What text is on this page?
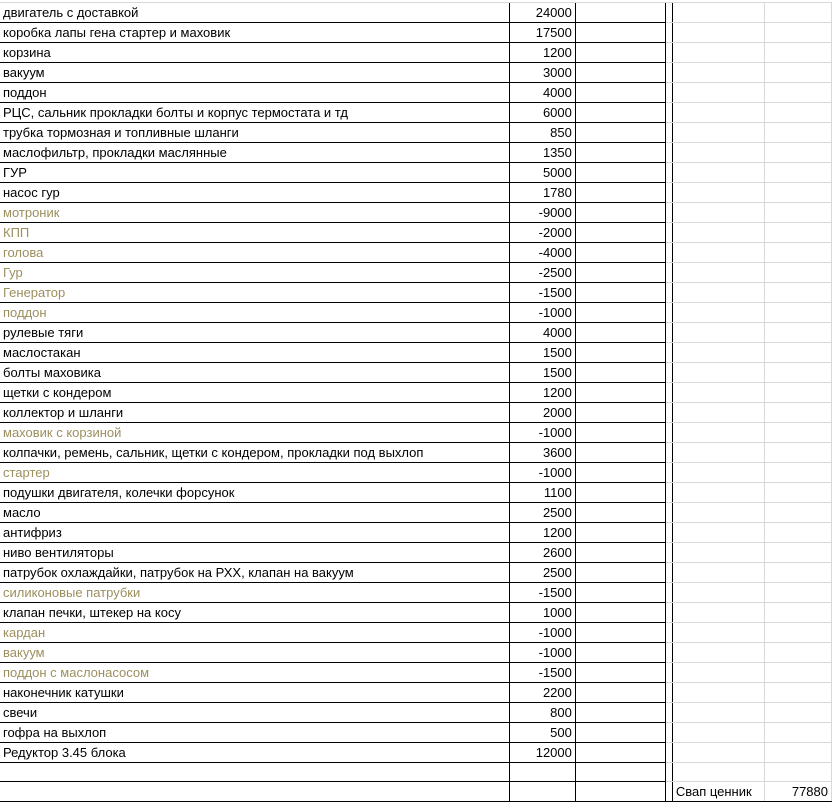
двигатель с доставкой	24000				
коробка лапы гена стартер и маховик	17500				
корзина	1200				
вакуум	3000				
поддон	4000				
РЦС, сальник прокладки болты и корпус термостата и тд	6000				
трубка тормозная и топливные шланги	850				
маслофильтр, прокладки маслянные	1350				
ГУР	5000				
насос гур	1780				
мотроник	-9000				
КПП	-2000				
голова	-4000				
Гур	-2500				
Генератор	-1500				
поддон	-1000				
рулевые тяги	4000				
маслостакан	1500				
болты маховика	1500				
щетки с кондером	1200				
коллектор и шланги	2000				
маховик с корзиной	-1000				
колпачки, ремень, сальник, щетки с кондером, прокладки под выхлоп	3600				
стартер	-1000				
подушки двигателя, колечки форсунок	1100				
масло	2500				
антифриз	1200				
ниво вентиляторы	2600				
патрубок охлаждайки, патрубок на РХХ, клапан на вакуум	2500				
силиконовые патрубки	-1500				
клапан печки, штекер на косу	1000				
кардан	-1000				
вакуум	-1000				
поддон с маслонасосом	-1500				
наконечник катушки	2200				
свечи	800				
гофра на выхлоп	500				
Редуктор 3.45 блока	12000				

				Свап ценник	77880
